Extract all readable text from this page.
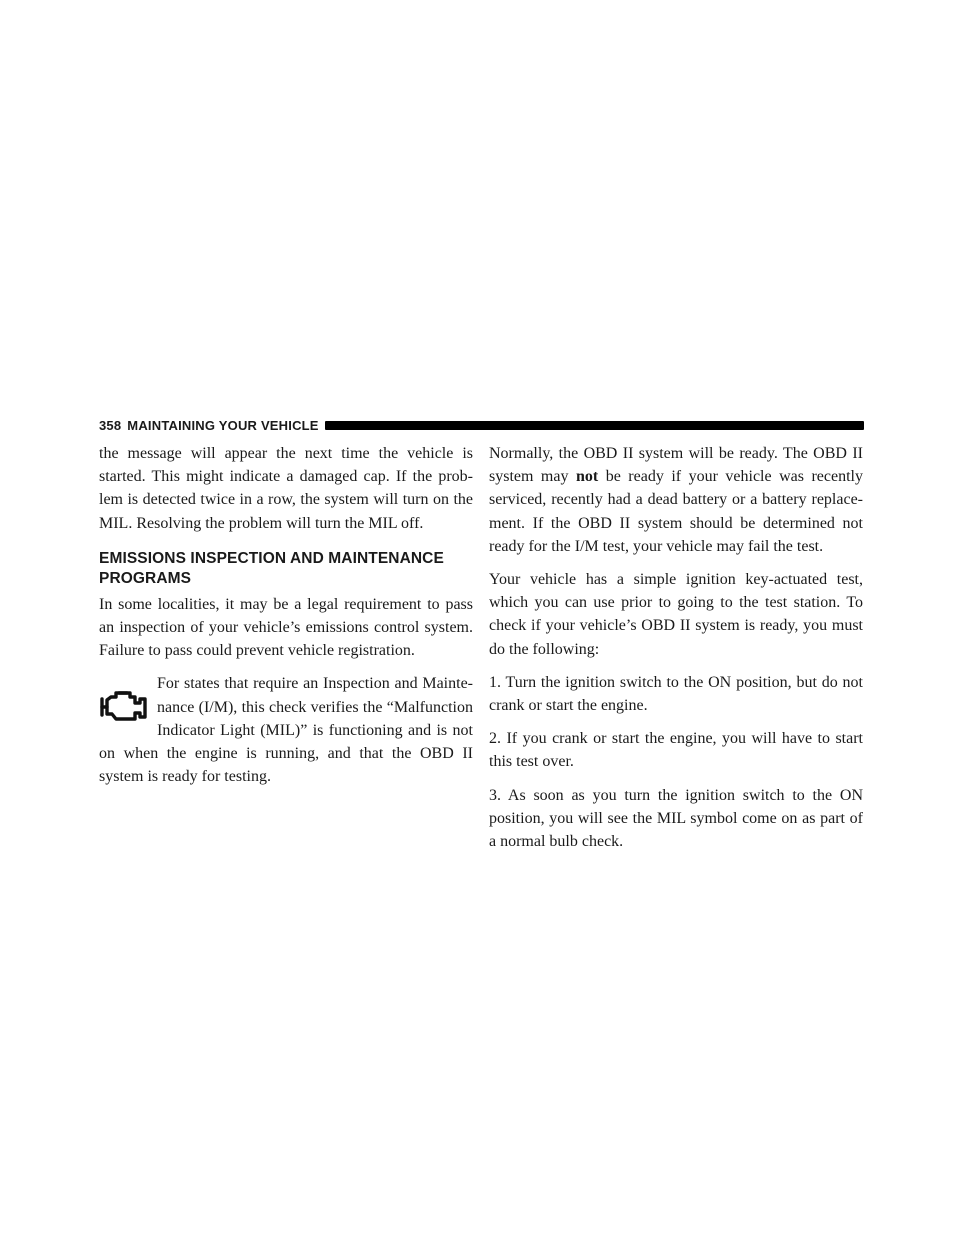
358 MAINTAINING YOUR VEHICLE

the message will appear the next time the vehicle is started. This might indicate a damaged cap. If the prob-lem is detected twice in a row, the system will turn on the MIL. Resolving the problem will turn the MIL off.

EMISSIONS INSPECTION AND MAINTENANCE PROGRAMS

In some localities, it may be a legal requirement to pass an inspection of your vehicle’s emissions control system. Failure to pass could prevent vehicle registration.

For states that require an Inspection and Mainte-nance (I/M), this check verifies the “Malfunction Indicator Light (MIL)” is functioning and is not on when the engine is running, and that the OBD II system is ready for testing.

Normally, the OBD II system will be ready. The OBD II system may not be ready if your vehicle was recently serviced, recently had a dead battery or a battery replace-ment. If the OBD II system should be determined not ready for the I/M test, your vehicle may fail the test.

Your vehicle has a simple ignition key-actuated test, which you can use prior to going to the test station. To check if your vehicle’s OBD II system is ready, you must do the following:

1. Turn the ignition switch to the ON position, but do not crank or start the engine.

2. If you crank or start the engine, you will have to start this test over.

3. As soon as you turn the ignition switch to the ON position, you will see the MIL symbol come on as part of a normal bulb check.
